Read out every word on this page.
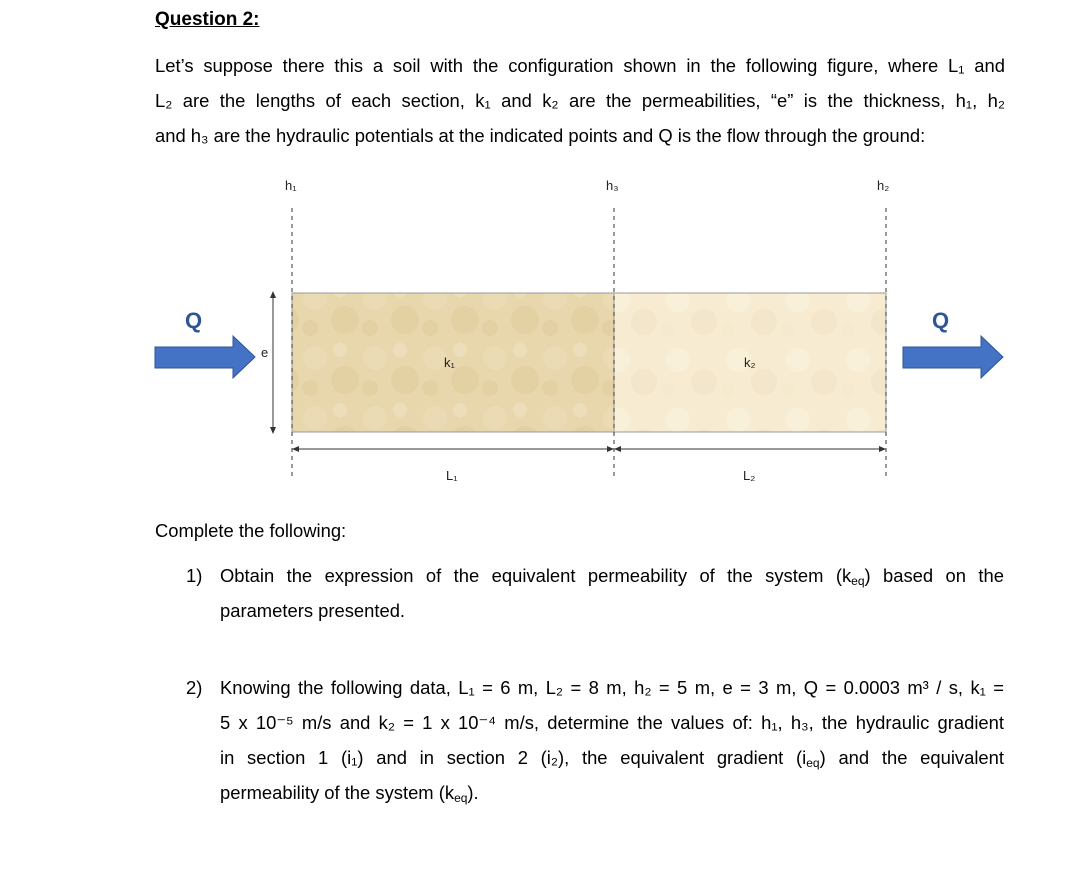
Question 2:
Let’s suppose there this a soil with the configuration shown in the following figure, where L₁ and
L₂ are the lengths of each section, k₁ and k₂ are the permeabilities, “e” is the thickness, h₁, h₂
and h₃ are the hydraulic potentials at the indicated points and Q is the flow through the ground:
h₁	h₃	h₂
e
L₁	L₂
k₁	k₂
Q	Q
Complete the following:
1) Obtain the expression of the equivalent permeability of the system $(k_{eq})$ based on the
parameters presented.
2) Knowing the following data, L₁ = 6 m, L₂ = 8 m, h₂ = 5 m, e = 3 m, Q = 0.0003 m³ / s, k₁ =
5 x 10⁻⁵ m/s and k₂ = 1 x 10⁻⁴ m/s, determine the values of: h₁, h₃, the hydraulic gradient
in section 1 (i₁) and in section 2 (i₂), the equivalent gradient $(i_{eq})$ and the equivalent
permeability of the system $(k_{eq})$.
